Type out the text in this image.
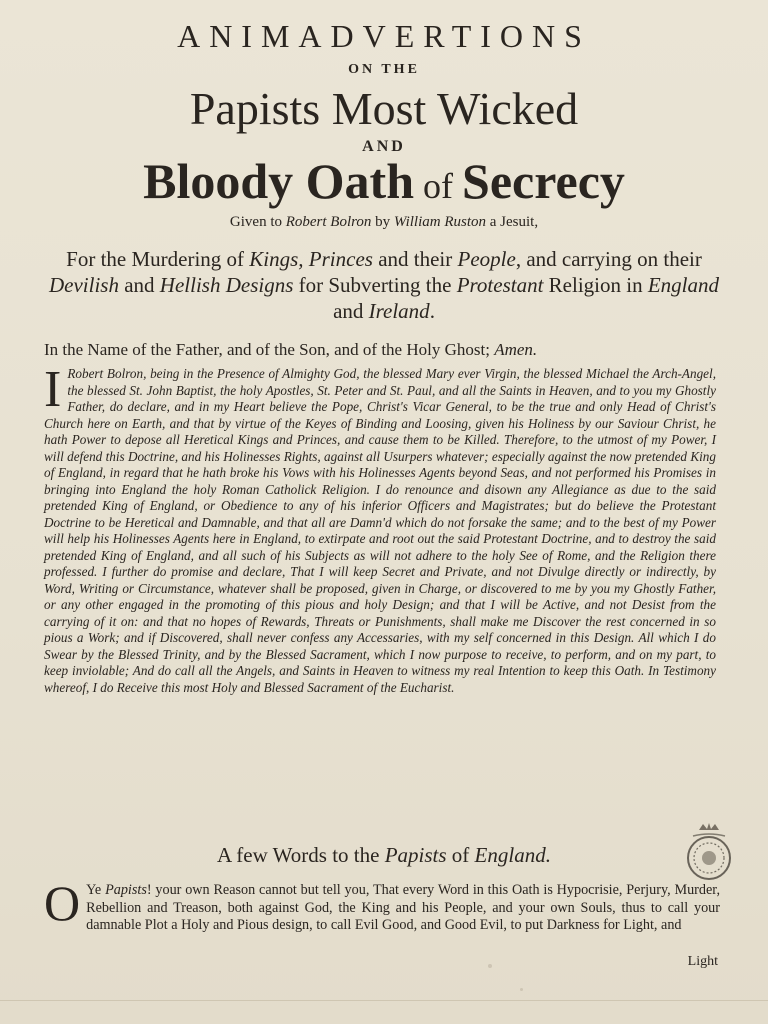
ANIMADVERTIONS
ON THE
Papists Most Wicked
AND
Bloody Oath of Secrecy
Given to Robert Bolron by William Ruston a Jesuit,
For the Murdering of Kings, Princes and their People, and carrying on their Devilish and Hellish Designs for Subverting the Protestant Religion in England and Ireland.
In the Name of the Father, and of the Son, and of the Holy Ghost; Amen.
I Robert Bolron, being in the Presence of Almighty God, the blessed Mary ever Virgin, the blessed Michael the Arch-Angel, the blessed St. John Baptist, the holy Apostles, St. Peter and St. Paul, and all the Saints in Heaven, and to you my Ghostly Father, do declare, and in my Heart believe the Pope, Christ's Vicar General, to be the true and only Head of Christ's Church here on Earth, and that by virtue of the Keyes of Binding and Loosing, given his Holiness by our Saviour Christ, he hath Power to depose all Heretical Kings and Princes, and cause them to be Killed. Therefore, to the utmost of my Power, I will defend this Doctrine, and his Holinesses Rights, against all Usurpers whatever; especially against the now pretended King of England, in regard that he hath broke his Vows with his Holinesses Agents beyond Seas, and not performed his Promises in bringing into England the holy Roman Catholick Religion. I do renounce and disown any Allegiance as due to the said pretended King of England, or Obedience to any of his inferior Officers and Magistrates; but do believe the Protestant Doctrine to be Heretical and Damnable, and that all are Damn'd which do not forsake the same; and to the best of my Power will help his Holinesses Agents here in England, to extirpate and root out the said Protestant Doctrine, and to destroy the said pretended King of England, and all such of his Subjects as will not adhere to the holy See of Rome, and the Religion there professed. I further do promise and declare, That I will keep Secret and Private, and not Divulge directly or indirectly, by Word, Writing or Circumstance, whatever shall be proposed, given in Charge, or discovered to me by you my Ghostly Father, or any other engaged in the promoting of this pious and holy Design; and that I will be Active, and not Desist from the carrying of it on: and that no hopes of Rewards, Threats or Punishments, shall make me Discover the rest concerned in so pious a Work; and if Discovered, shall never confess any Accessaries, with my self concerned in this Design. All which I do Swear by the Blessed Trinity, and by the Blessed Sacrament, which I now purpose to receive, to perform, and on my part, to keep inviolable; And do call all the Angels, and Saints in Heaven to witness my real Intention to keep this Oath. In Testimony whereof, I do Receive this most Holy and Blessed Sacrament of the Eucharist.
A few Words to the Papists of England.
O Ye Papists! your own Reason cannot but tell you, That every Word in this Oath is Hypocrisie, Perjury, Murder, Rebellion and Treason, both against God, the King and his People, and your own Souls, thus to call your damnable Plot a Holy and Pious design, to call Evil Good, and Good Evil, to put Darkness for Light, and
Light
